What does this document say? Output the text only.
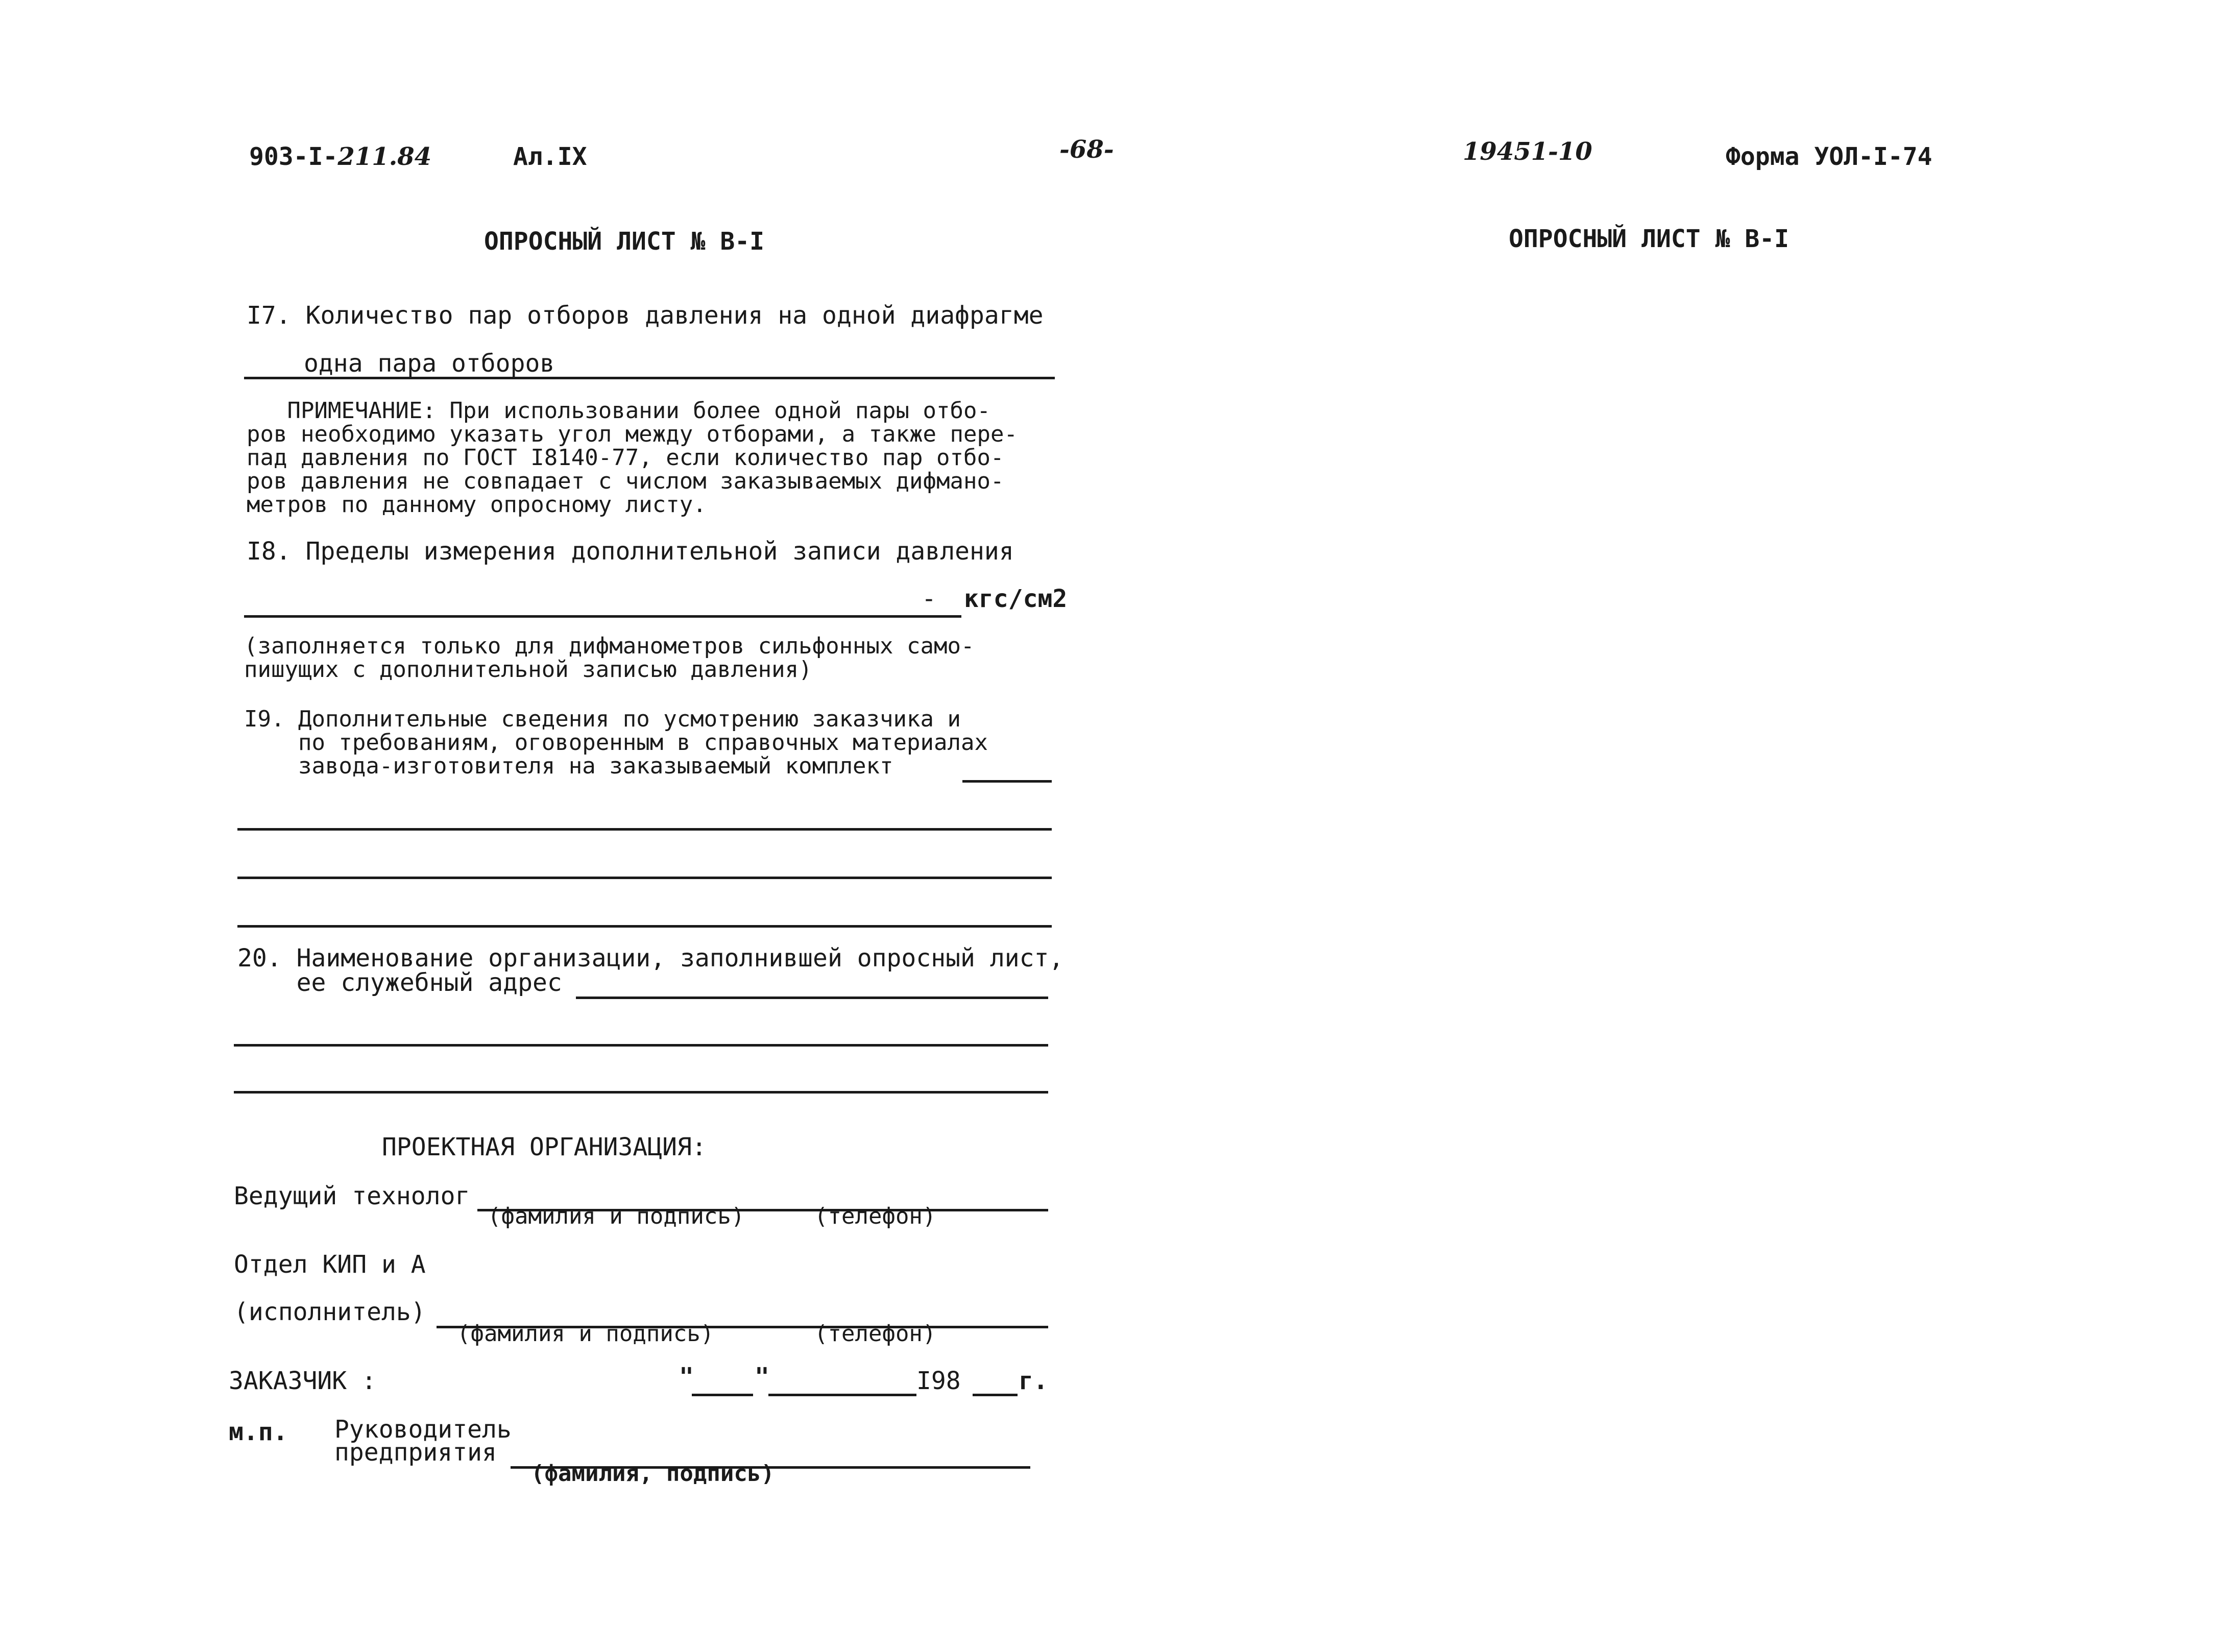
903-I-211.84	Ал.IX	-68-	19451-10	Форма УОЛ-I-74
ОПРОСНЫЙ ЛИСТ № В-I	ОПРОСНЫЙ ЛИСТ № В-I
I7. Количество пар отборов давления на одной диафрагме
одна пара отборов
ПРИМЕЧАНИЕ: При использовании более одной пары отбо-
ров необходимо указать угол между отборами, а также пере-
пад давления по ГОСТ I8140-77, если количество пар отбо-
ров давления не совпадает с числом заказываемых дифмано-
метров по данному опросному листу.
I8. Пределы измерения дополнительной записи давления
- кгс/см2
(заполняется только для дифманометров сильфонных само-
пишущих с дополнительной записью давления)
I9. Дополнительные сведения по усмотрению заказчика и
по требованиям, оговоренным в справочных материалах
завода-изготовителя на заказываемый комплект
20. Наименование организации, заполнившей опросный лист,
ее служебный адрес
ПРОЕКТНАЯ ОРГАНИЗАЦИЯ:
Ведущий технолог
(фамилия и подпись)	(телефон)
Отдел КИП и А
(исполнитель)
(фамилия и подпись)	(телефон)
ЗАКАЗЧИК :	" "	I98 г.
м.п. Руководитель
предприятия
(фамилия, подпись)
